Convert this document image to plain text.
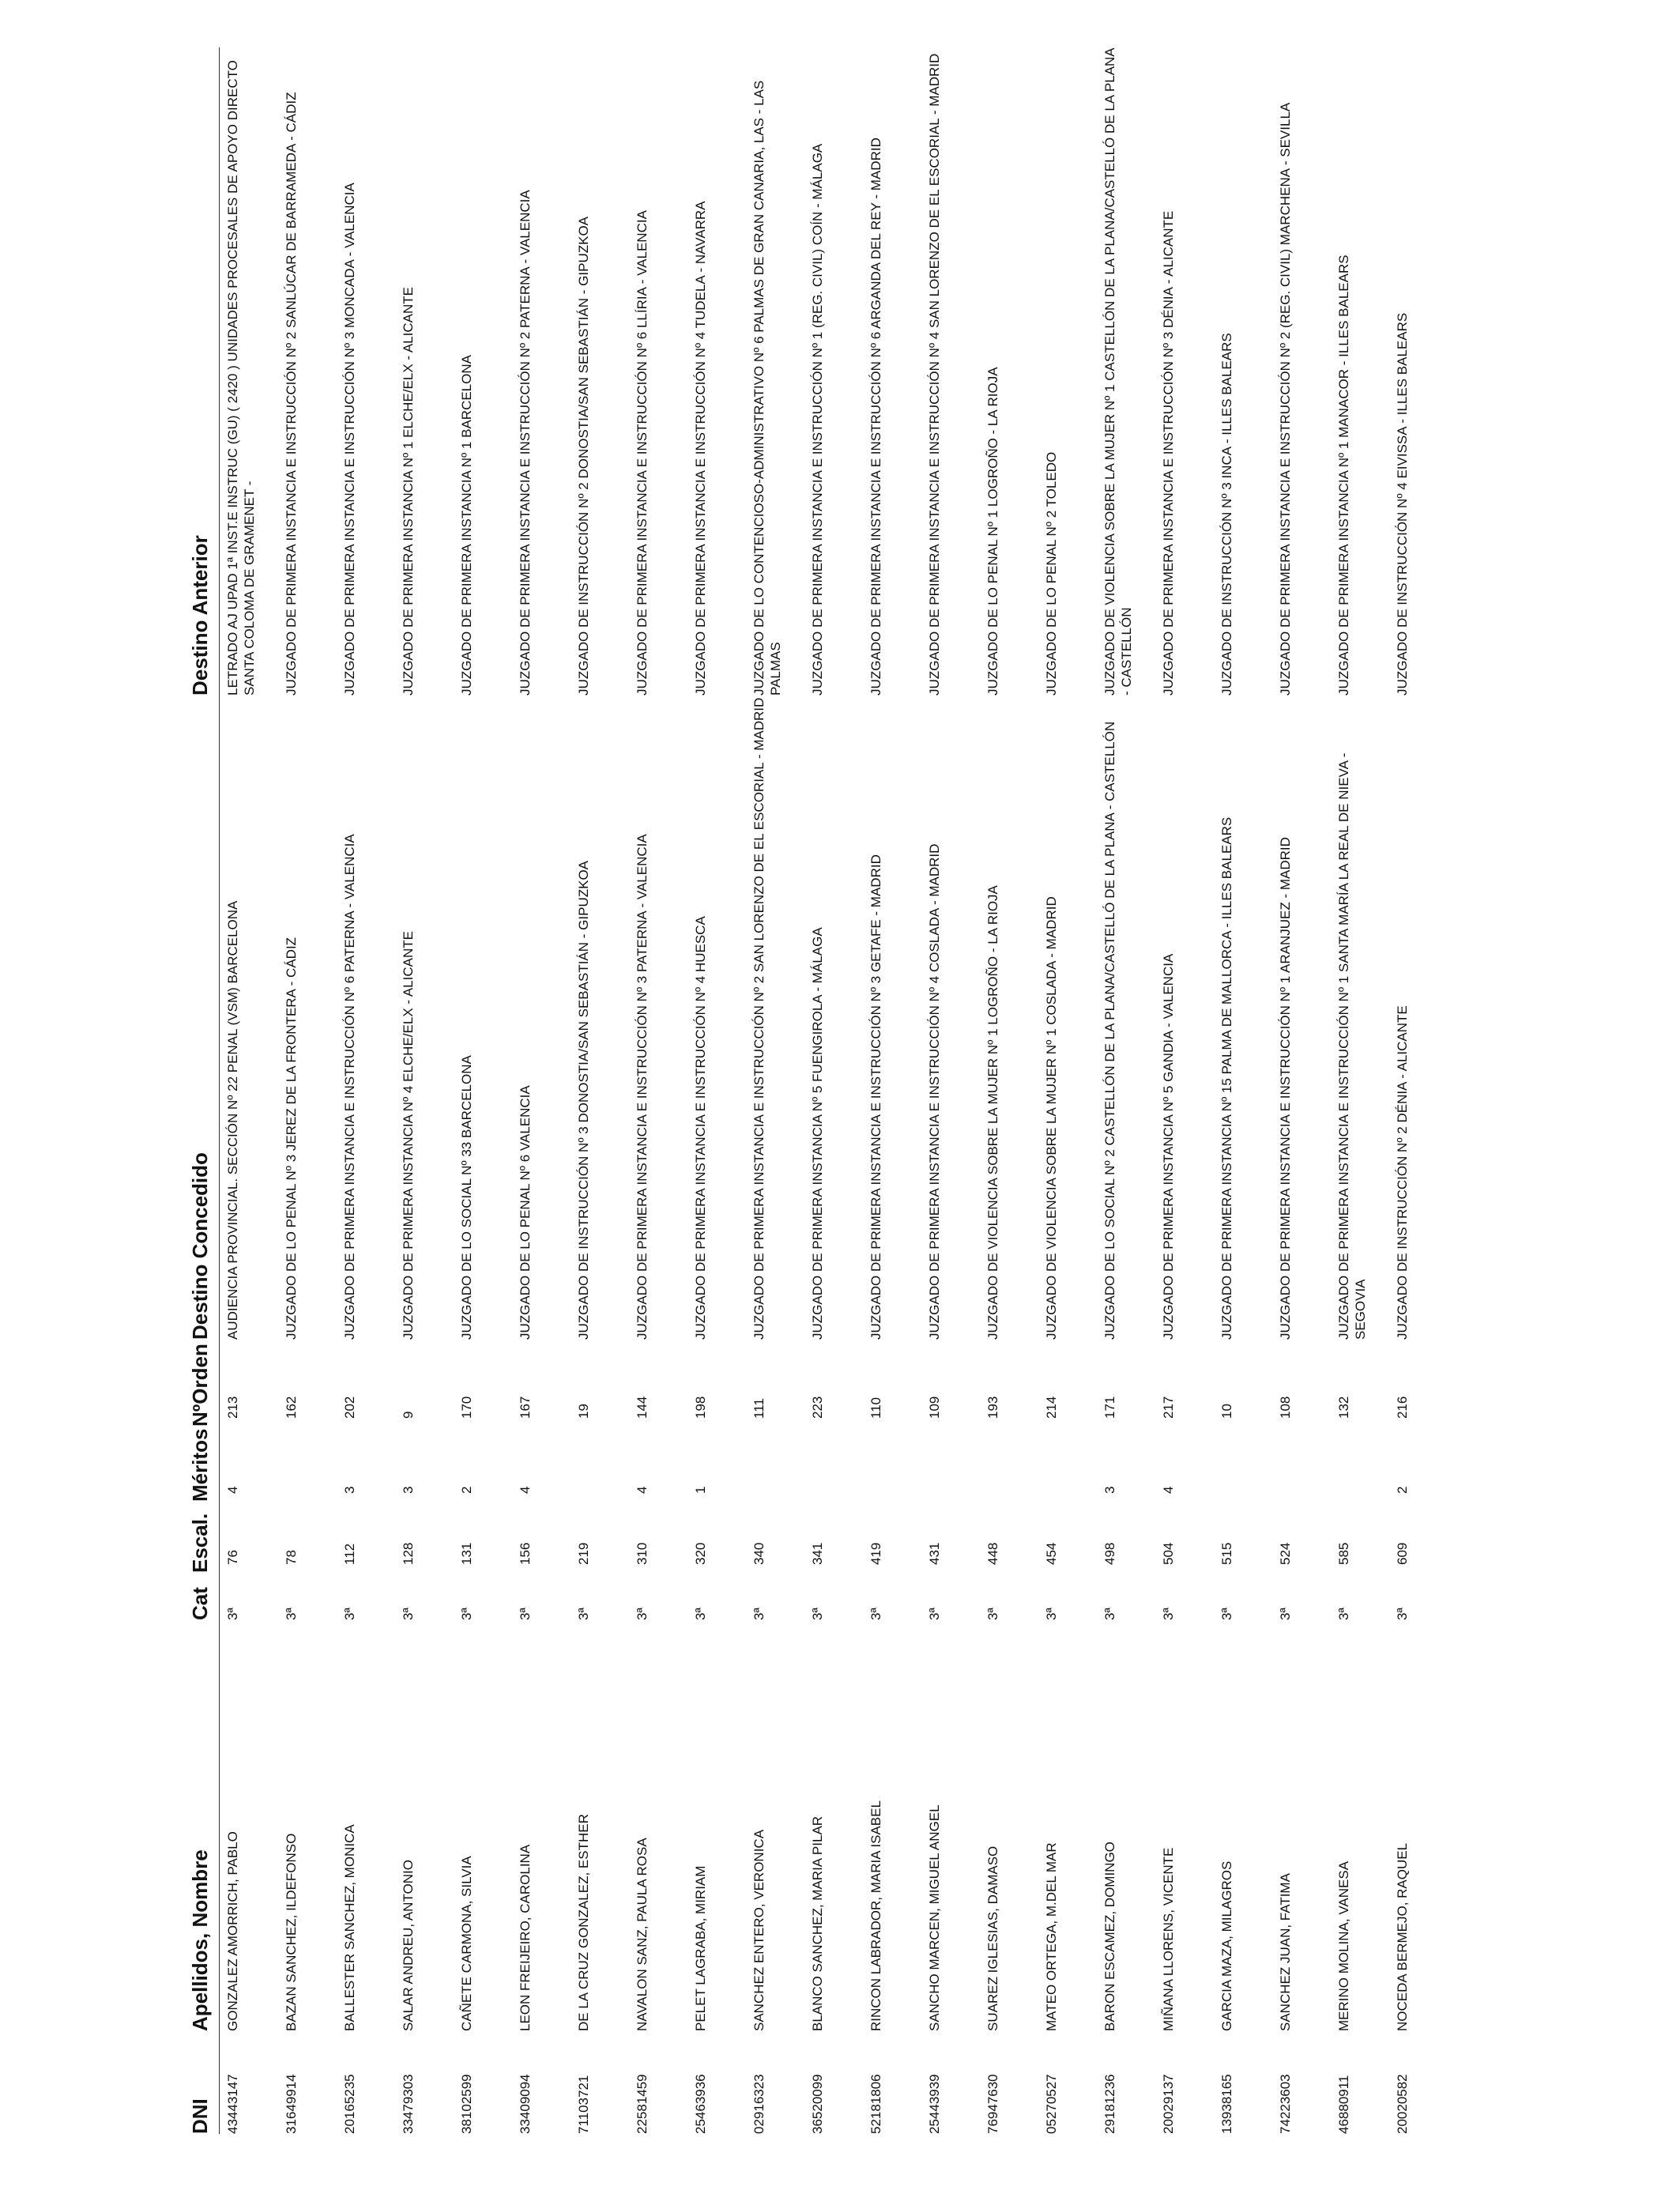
DNI	Apellidos, Nombre	Cat	Escal.	Méritos	NºOrden	Destino Concedido	Destino Anterior
43443147	GONZALEZ AMORRICH, PABLO	3ª	76	4	213	AUDIENCIA PROVINCIAL. SECCIÓN Nº 22 PENAL (VSM) BARCELONA	LETRADO AJ UPAD 1ª INST.E INSTRUC (GU) ( 2420 ) UNIDADES PROCESALES DE APOYO DIRECTO SANTA COLOMA DE GRAMENET -
31649914	BAZAN SANCHEZ, ILDEFONSO	3ª	78		162	JUZGADO DE LO PENAL Nº 3 JEREZ DE LA FRONTERA - CÁDIZ	JUZGADO DE PRIMERA INSTANCIA E INSTRUCCIÓN Nº 2 SANLÚCAR DE BARRAMEDA - CÁDIZ
20165235	BALLESTER SANCHEZ, MONICA	3ª	112	3	202	JUZGADO DE PRIMERA INSTANCIA E INSTRUCCIÓN Nº 6 PATERNA - VALENCIA	JUZGADO DE PRIMERA INSTANCIA E INSTRUCCIÓN Nº 3 MONCADA - VALENCIA
33479303	SALAR ANDREU, ANTONIO	3ª	128	3	9	JUZGADO DE PRIMERA INSTANCIA Nº 4 ELCHE/ELX - ALICANTE	JUZGADO DE PRIMERA INSTANCIA Nº 1 ELCHE/ELX - ALICANTE
38102599	CAÑETE CARMONA, SILVIA	3ª	131	2	170	JUZGADO DE LO SOCIAL Nº 33 BARCELONA	JUZGADO DE PRIMERA INSTANCIA Nº 1 BARCELONA
33409094	LEON FREIJEIRO, CAROLINA	3ª	156	4	167	JUZGADO DE LO PENAL Nº 6 VALENCIA	JUZGADO DE PRIMERA INSTANCIA E INSTRUCCIÓN Nº 2 PATERNA - VALENCIA
71103721	DE LA CRUZ GONZALEZ, ESTHER	3ª	219		19	JUZGADO DE INSTRUCCIÓN Nº 3 DONOSTIA/SAN SEBASTIÁN - GIPUZKOA	JUZGADO DE INSTRUCCIÓN Nº 2 DONOSTIA/SAN SEBASTIÁN - GIPUZKOA
22581459	NAVALON SANZ, PAULA ROSA	3ª	310	4	144	JUZGADO DE PRIMERA INSTANCIA E INSTRUCCIÓN Nº 3 PATERNA - VALENCIA	JUZGADO DE PRIMERA INSTANCIA E INSTRUCCIÓN Nº 6 LLÍRIA - VALENCIA
25463936	PELET LAGRABA, MIRIAM	3ª	320	1	198	JUZGADO DE PRIMERA INSTANCIA E INSTRUCCIÓN Nº 4 HUESCA	JUZGADO DE PRIMERA INSTANCIA E INSTRUCCIÓN Nº 4 TUDELA - NAVARRA
02916323	SANCHEZ ENTERO, VERONICA	3ª	340		111	JUZGADO DE PRIMERA INSTANCIA E INSTRUCCIÓN Nº 2 SAN LORENZO DE EL ESCORIAL - MADRID	JUZGADO DE LO CONTENCIOSO-ADMINISTRATIVO Nº 6 PALMAS DE GRAN CANARIA, LAS - LAS PALMAS
36520099	BLANCO SANCHEZ, MARIA PILAR	3ª	341		223	JUZGADO DE PRIMERA INSTANCIA Nº 5 FUENGIROLA - MÁLAGA	JUZGADO DE PRIMERA INSTANCIA E INSTRUCCIÓN Nº 1 (REG. CIVIL) COÍN - MÁLAGA
52181806	RINCON LABRADOR, MARIA ISABEL	3ª	419		110	JUZGADO DE PRIMERA INSTANCIA E INSTRUCCIÓN Nº 3 GETAFE - MADRID	JUZGADO DE PRIMERA INSTANCIA E INSTRUCCIÓN Nº 6 ARGANDA DEL REY - MADRID
25443939	SANCHO MARCEN, MIGUEL ANGEL	3ª	431		109	JUZGADO DE PRIMERA INSTANCIA E INSTRUCCIÓN Nº 4 COSLADA - MADRID	JUZGADO DE PRIMERA INSTANCIA E INSTRUCCIÓN Nº 4 SAN LORENZO DE EL ESCORIAL - MADRID
76947630	SUAREZ IGLESIAS, DAMASO	3ª	448		193	JUZGADO DE VIOLENCIA SOBRE LA MUJER Nº 1 LOGROÑO - LA RIOJA	JUZGADO DE LO PENAL Nº 1 LOGROÑO - LA RIOJA
05270527	MATEO ORTEGA, M.DEL MAR	3ª	454		214	JUZGADO DE VIOLENCIA SOBRE LA MUJER Nº 1 COSLADA - MADRID	JUZGADO DE LO PENAL Nº 2 TOLEDO
29181236	BARON ESCAMEZ, DOMINGO	3ª	498	3	171	JUZGADO DE LO SOCIAL Nº 2 CASTELLÓN DE LA PLANA/CASTELLÓ DE LA PLANA - CASTELLÓN	JUZGADO DE VIOLENCIA SOBRE LA MUJER Nº 1 CASTELLÓN DE LA PLANA/CASTELLÓ DE LA PLANA - CASTELLÓN
20029137	MIÑANA LLORENS, VICENTE	3ª	504	4	217	JUZGADO DE PRIMERA INSTANCIA Nº 5 GANDIA - VALENCIA	JUZGADO DE PRIMERA INSTANCIA E INSTRUCCIÓN Nº 3 DÉNIA - ALICANTE
13938165	GARCIA MAZA, MILAGROS	3ª	515		10	JUZGADO DE PRIMERA INSTANCIA Nº 15 PALMA DE MALLORCA - ILLES BALEARS	JUZGADO DE INSTRUCCIÓN Nº 3 INCA - ILLES BALEARS
74223603	SANCHEZ JUAN, FATIMA	3ª	524		108	JUZGADO DE PRIMERA INSTANCIA E INSTRUCCIÓN Nº 1 ARANJUEZ - MADRID	JUZGADO DE PRIMERA INSTANCIA E INSTRUCCIÓN Nº 2 (REG. CIVIL) MARCHENA - SEVILLA
46880911	MERINO MOLINA, VANESA	3ª	585		132	JUZGADO DE PRIMERA INSTANCIA E INSTRUCCIÓN Nº 1 SANTA MARÍA LA REAL DE NIEVA - SEGOVIA	JUZGADO DE PRIMERA INSTANCIA Nº 1 MANACOR - ILLES BALEARS
20020582	NOCEDA BERMEJO, RAQUEL	3ª	609	2	216	JUZGADO DE INSTRUCCIÓN Nº 2 DÉNIA - ALICANTE	JUZGADO DE INSTRUCCIÓN Nº 4 EIVISSA - ILLES BALEARS
